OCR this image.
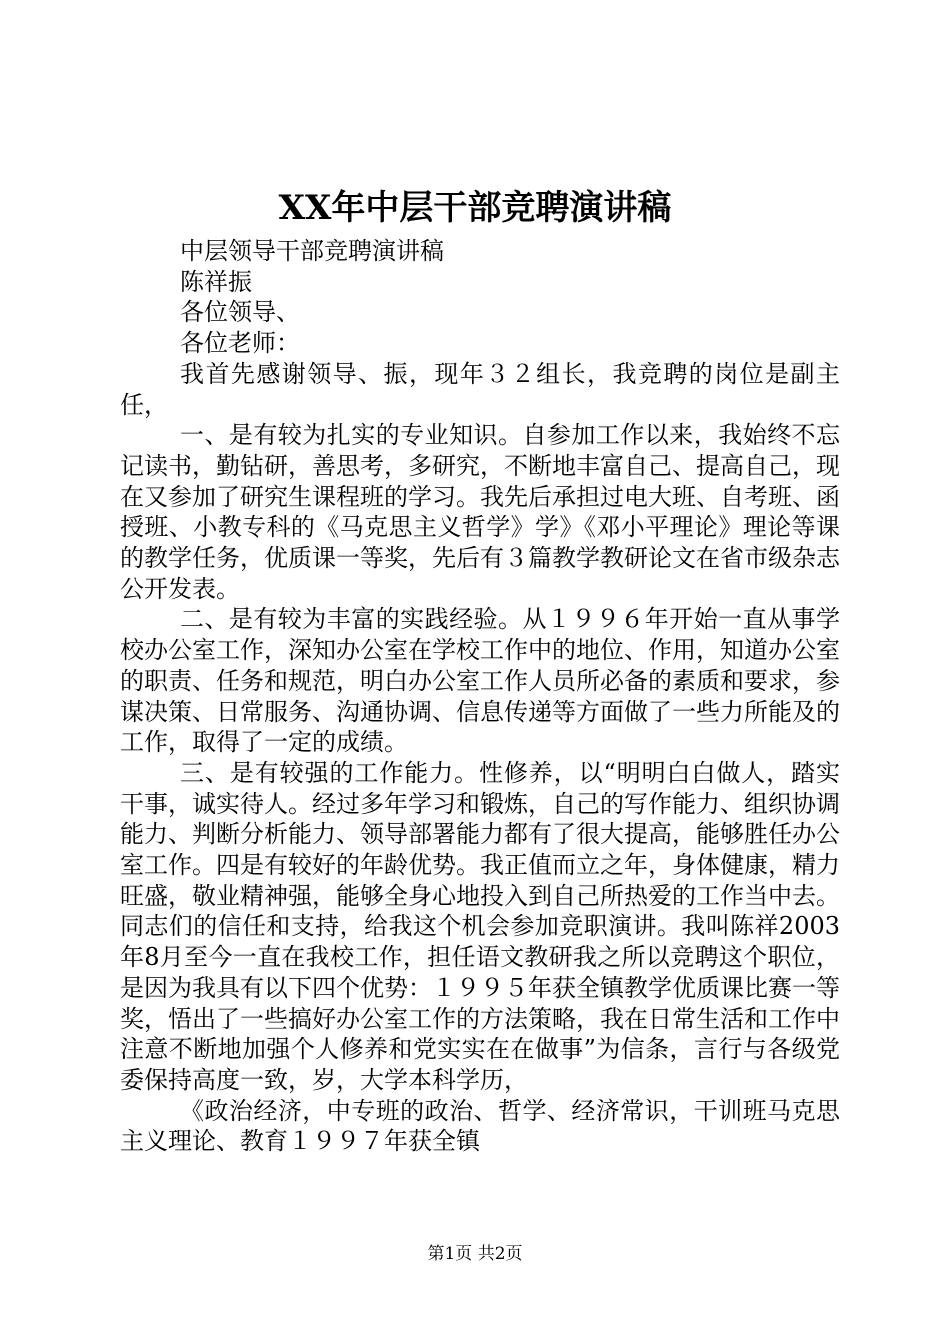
XX年中层干部竞聘演讲稿

中层领导干部竞聘演讲稿

陈祥振

各位领导、

各位老师：

我首先感谢领导、振，现年３２组长，我竞聘的岗位是副主任，

一、是有较为扎实的专业知识。自参加工作以来，我始终不忘记读书，勤钻研，善思考，多研究，不断地丰富自己、提高自己，现在又参加了研究生课程班的学习。我先后承担过电大班、自考班、函授班、小教专科的《马克思主义哲学》学》《邓小平理论》理论等课的教学任务，优质课一等奖，先后有３篇教学教研论文在省市级杂志公开发表。

二、是有较为丰富的实践经验。从１９９６年开始一直从事学校办公室工作，深知办公室在学校工作中的地位、作用，知道办公室的职责、任务和规范，明白办公室工作人员所必备的素质和要求，参谋决策、日常服务、沟通协调、信息传递等方面做了一些力所能及的工作，取得了一定的成绩。

三、是有较强的工作能力。性修养，以“明明白白做人，踏实干事，诚实待人。经过多年学习和锻炼，自己的写作能力、组织协调能力、判断分析能力、领导部署能力都有了很大提高，能够胜任办公室工作。四是有较好的年龄优势。我正值而立之年，身体健康，精力旺盛，敬业精神强，能够全身心地投入到自己所热爱的工作当中去。同志们的信任和支持，给我这个机会参加竞职演讲。我叫陈祥2003年8月至今一直在我校工作，担任语文教研我之所以竞聘这个职位，是因为我具有以下四个优势：１９９５年获全镇教学优质课比赛一等奖，悟出了一些搞好办公室工作的方法策略，我在日常生活和工作中注意不断地加强个人修养和党实实在在做事”为信条，言行与各级党委保持高度一致，岁，大学本科学历，

《政治经济，中专班的政治、哲学、经济常识，干训班马克思主义理论、教育１９９７年获全镇

第1页 共2页
